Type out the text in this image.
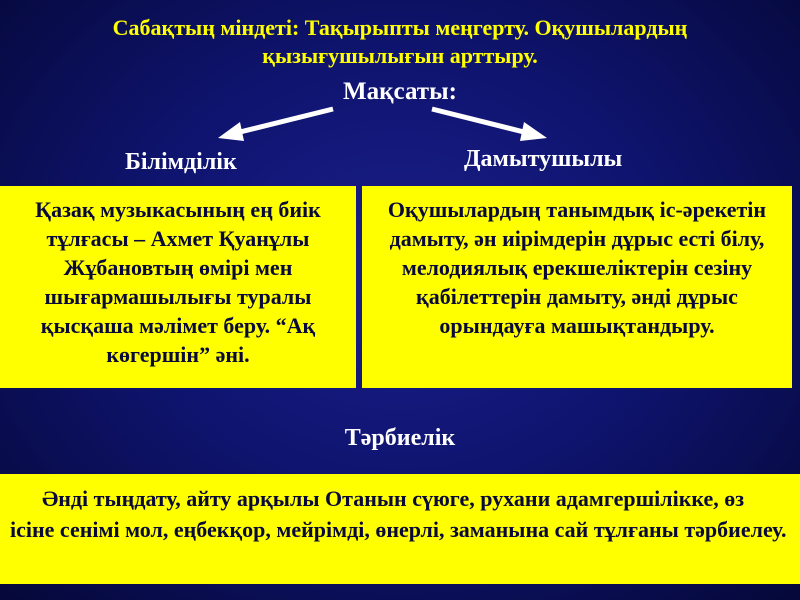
Сабақтың міндеті: Тақырыпты меңгерту. Оқушылардың қызығушылығын арттыру.
Мақсаты:
Білімділік	Дамытушылы
Қазақ музыкасының ең биік тұлғасы – Ахмет Қуанұлы Жұбановтың өмірі мен шығармашылығы туралы қысқаша мәлімет беру. “Ақ көгершін” әні.
Оқушылардың танымдық іс-әрекетін дамыту, ән иірімдерін дұрыс есті білу, мелодиялық ерекшеліктерін сезіну қабілеттерін дамыту, әнді дұрыс орындауға машықтандыру.
Тәрбиелік
Әнді тыңдату, айту арқылы Отанын сүюге, рухани адамгершілікке, өз ісіне сенімі мол, еңбекқор, мейрімді, өнерлі, заманына сай тұлғаны тәрбиелеу.
